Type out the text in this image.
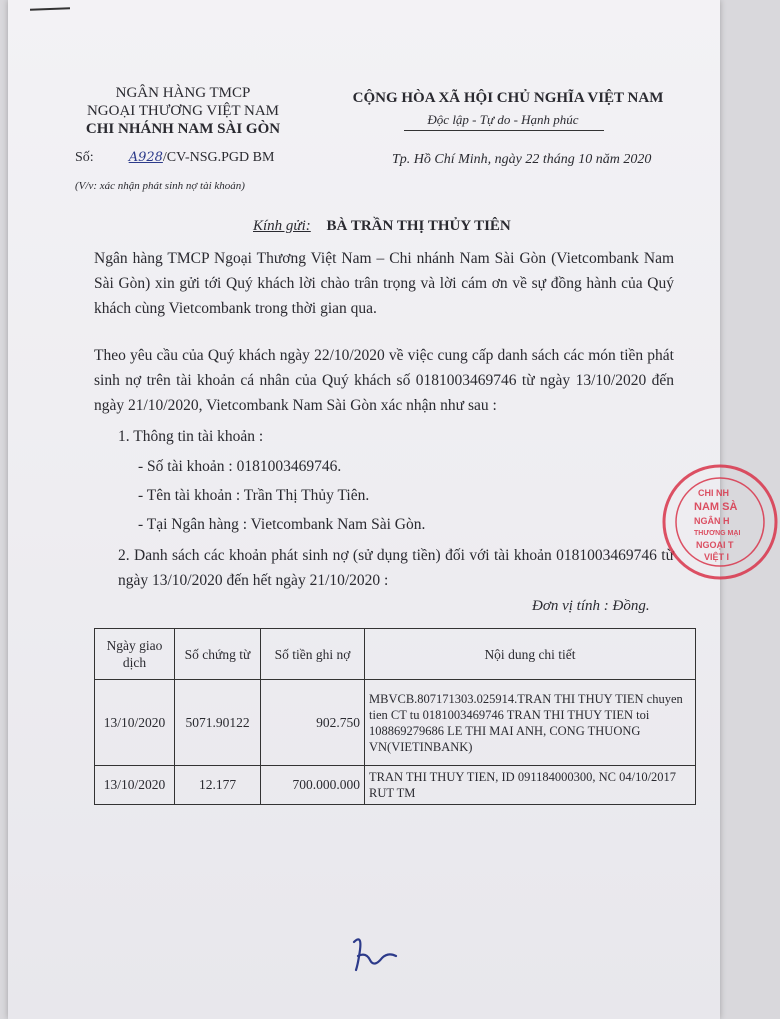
NGÂN HÀNG TMCP
NGOẠI THƯƠNG VIỆT NAM
CHI NHÁNH NAM SÀI GÒN
CỘNG HÒA XÃ HỘI CHỦ NGHĨA VIỆT NAM
Độc lập - Tự do - Hạnh phúc
Số:	A928/CV-NSG.PGD BM	Tp. Hồ Chí Minh, ngày 22 tháng 10 năm 2020
(V/v: xác nhận phát sinh nợ tài khoản)
Kính gửi: BÀ TRẦN THỊ THỦY TIÊN
Ngân hàng TMCP Ngoại Thương Việt Nam – Chi nhánh Nam Sài Gòn (Vietcombank Nam Sài Gòn) xin gửi tới Quý khách lời chào trân trọng và lời cám ơn về sự đồng hành của Quý khách cùng Vietcombank trong thời gian qua.
Theo yêu cầu của Quý khách ngày 22/10/2020 về việc cung cấp danh sách các món tiền phát sinh nợ trên tài khoản cá nhân của Quý khách số 0181003469746 từ ngày 13/10/2020 đến ngày 21/10/2020, Vietcombank Nam Sài Gòn xác nhận như sau :
1. Thông tin tài khoản :
- Số tài khoản : 0181003469746.
- Tên tài khoản : Trần Thị Thủy Tiên.
- Tại Ngân hàng : Vietcombank Nam Sài Gòn.
2. Danh sách các khoản phát sinh nợ (sử dụng tiền) đối với tài khoản 0181003469746 từ ngày 13/10/2020 đến hết ngày 21/10/2020 :
Đơn vị tính : Đồng.
Ngày giao dịch	Số chứng từ	Số tiền ghi nợ	Nội dung chi tiết
13/10/2020	5071.90122	902.750	MBVCB.807171303.025914.TRAN THI THUY TIEN chuyen tien CT tu 0181003469746 TRAN THI THUY TIEN toi 108869279686 LE THI MAI ANH, CONG THUONG VN(VIETINBANK)
13/10/2020	12.177	700.000.000	TRAN THI THUY TIEN, ID 091184000300, NC 04/10/2017 RUT TM
CHI NH
NAM SÀ
NGÂN H
THƯƠNG MẠI
NGOẠI T
VIỆT I
